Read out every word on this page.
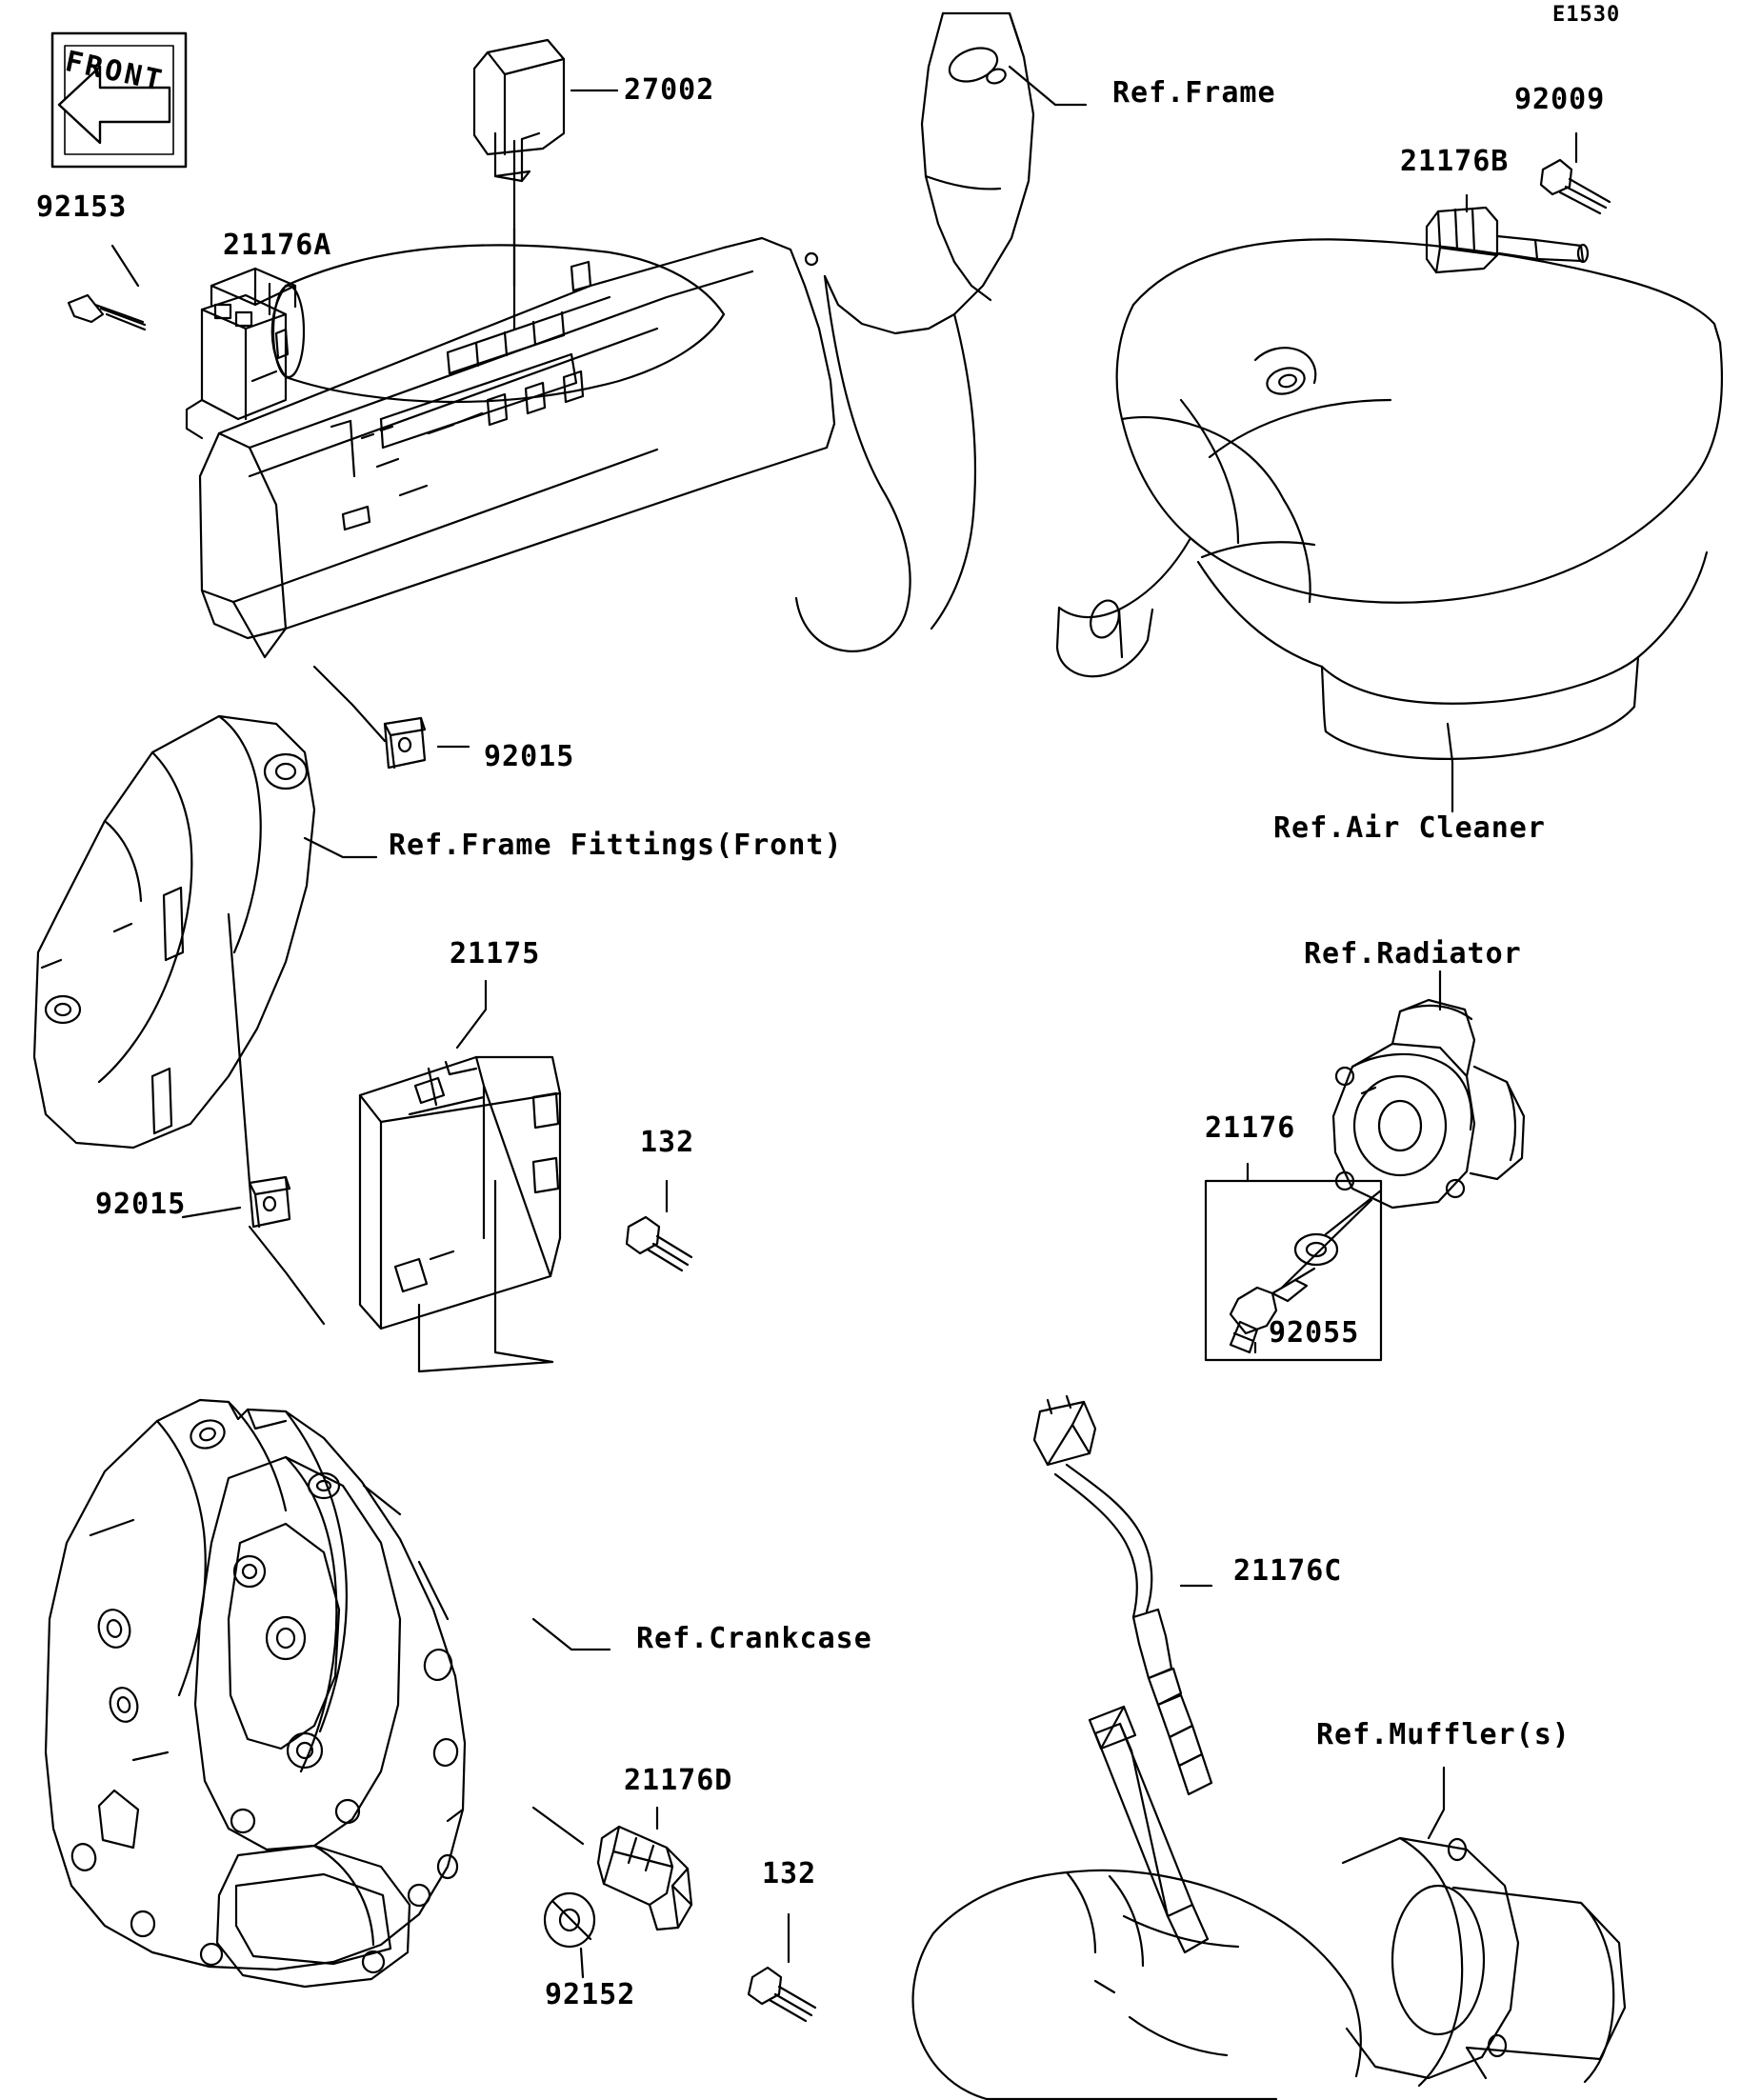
E1530
27002
92153
21176A
92009
21176B
92015
92015
21175
132	21176
92055
21176C
21176D
132
92152
Ref.Frame
Ref.Air Cleaner
Ref.Frame Fittings(Front)
Ref.Radiator
Ref.Crankcase
Ref.Muffler(s)
FRONT
